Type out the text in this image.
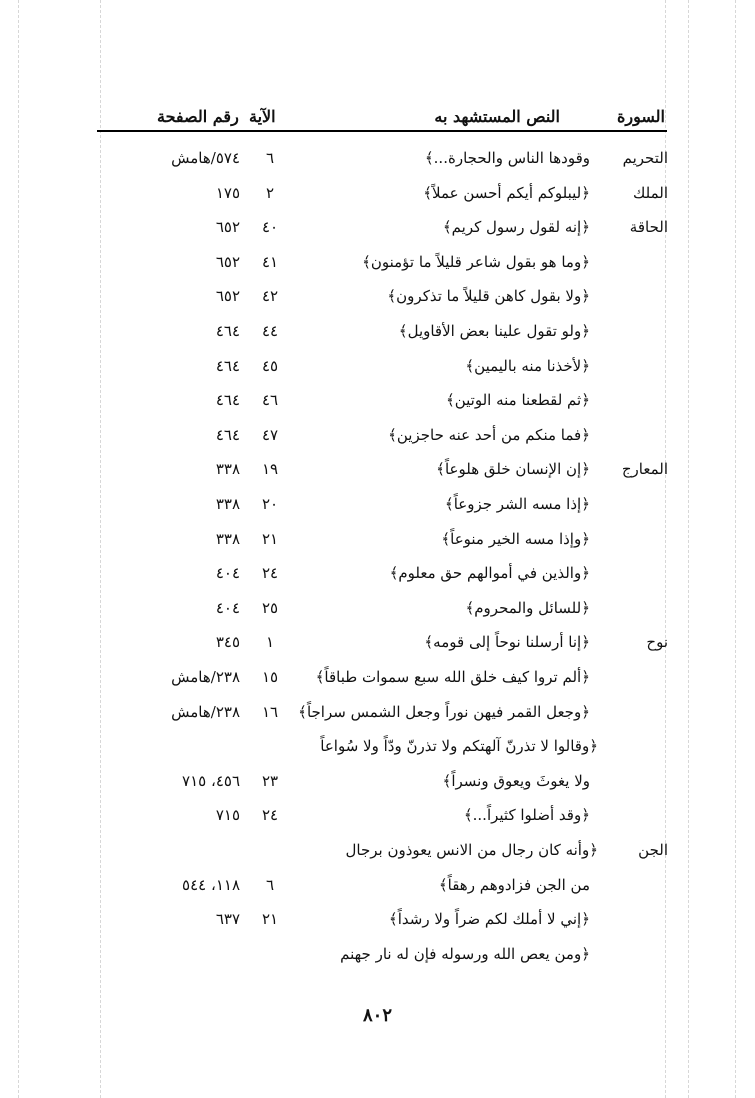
السورة
النص المستشهد به
الآية
رقم الصفحة
التحريم
وقودها الناس والحجارة...﴾
٦
٥٧٤/هامش
الملك
﴿ليبلوكم أيكم أحسن عملاً﴾
٢
١٧٥
الحاقة
﴿إنه لقول رسول كريم﴾
٤٠
٦٥٢
﴿وما هو بقول شاعر قليلاً ما تؤمنون﴾
٤١
٦٥٢
﴿ولا بقول كاهن قليلاً ما تذكرون﴾
٤٢
٦٥٢
﴿ولو تقول علينا بعض الأقاويل﴾
٤٤
٤٦٤
﴿لأخذنا منه باليمين﴾
٤٥
٤٦٤
﴿ثم لقطعنا منه الوتين﴾
٤٦
٤٦٤
﴿فما منكم من أحد عنه حاجزين﴾
٤٧
٤٦٤
المعارج
﴿إن الإنسان خلق هلوعاً﴾
١٩
٣٣٨
﴿إذا مسه الشر جزوعاً﴾
٢٠
٣٣٨
﴿وإذا مسه الخير منوعاً﴾
٢١
٣٣٨
﴿والذين في أموالهم حق معلوم﴾
٢٤
٤٠٤
﴿للسائل والمحروم﴾
٢٥
٤٠٤
نوح
﴿إنا أرسلنا نوحاً إلى قومه﴾
١
٣٤٥
﴿ألم تروا كيف خلق الله سبع سموات طباقاً﴾
١٥
٢٣٨/هامش
﴿وجعل القمر فيهن نوراً وجعل الشمس سراجاً﴾
١٦
٢٣٨/هامش
﴿وقالوا لا تذرنّ آلهتكم ولا تذرنّ ودّاً ولا سُواعاً
ولا يغوثَ ويعوق ونسراً﴾
٢٣
٤٥٦، ٧١٥
﴿وقد أضلوا كثيراً...﴾
٢٤
٧١٥
الجن
﴿وأنه كان رجال من الانس يعوذون برجال
من الجن فزادوهم رهقاً﴾
٦
١١٨، ٥٤٤
﴿إني لا أملك لكم ضراً ولا رشداً﴾
٢١
٦٣٧
﴿ومن يعص الله ورسوله فإن له نار جهنم
٨٠٢
